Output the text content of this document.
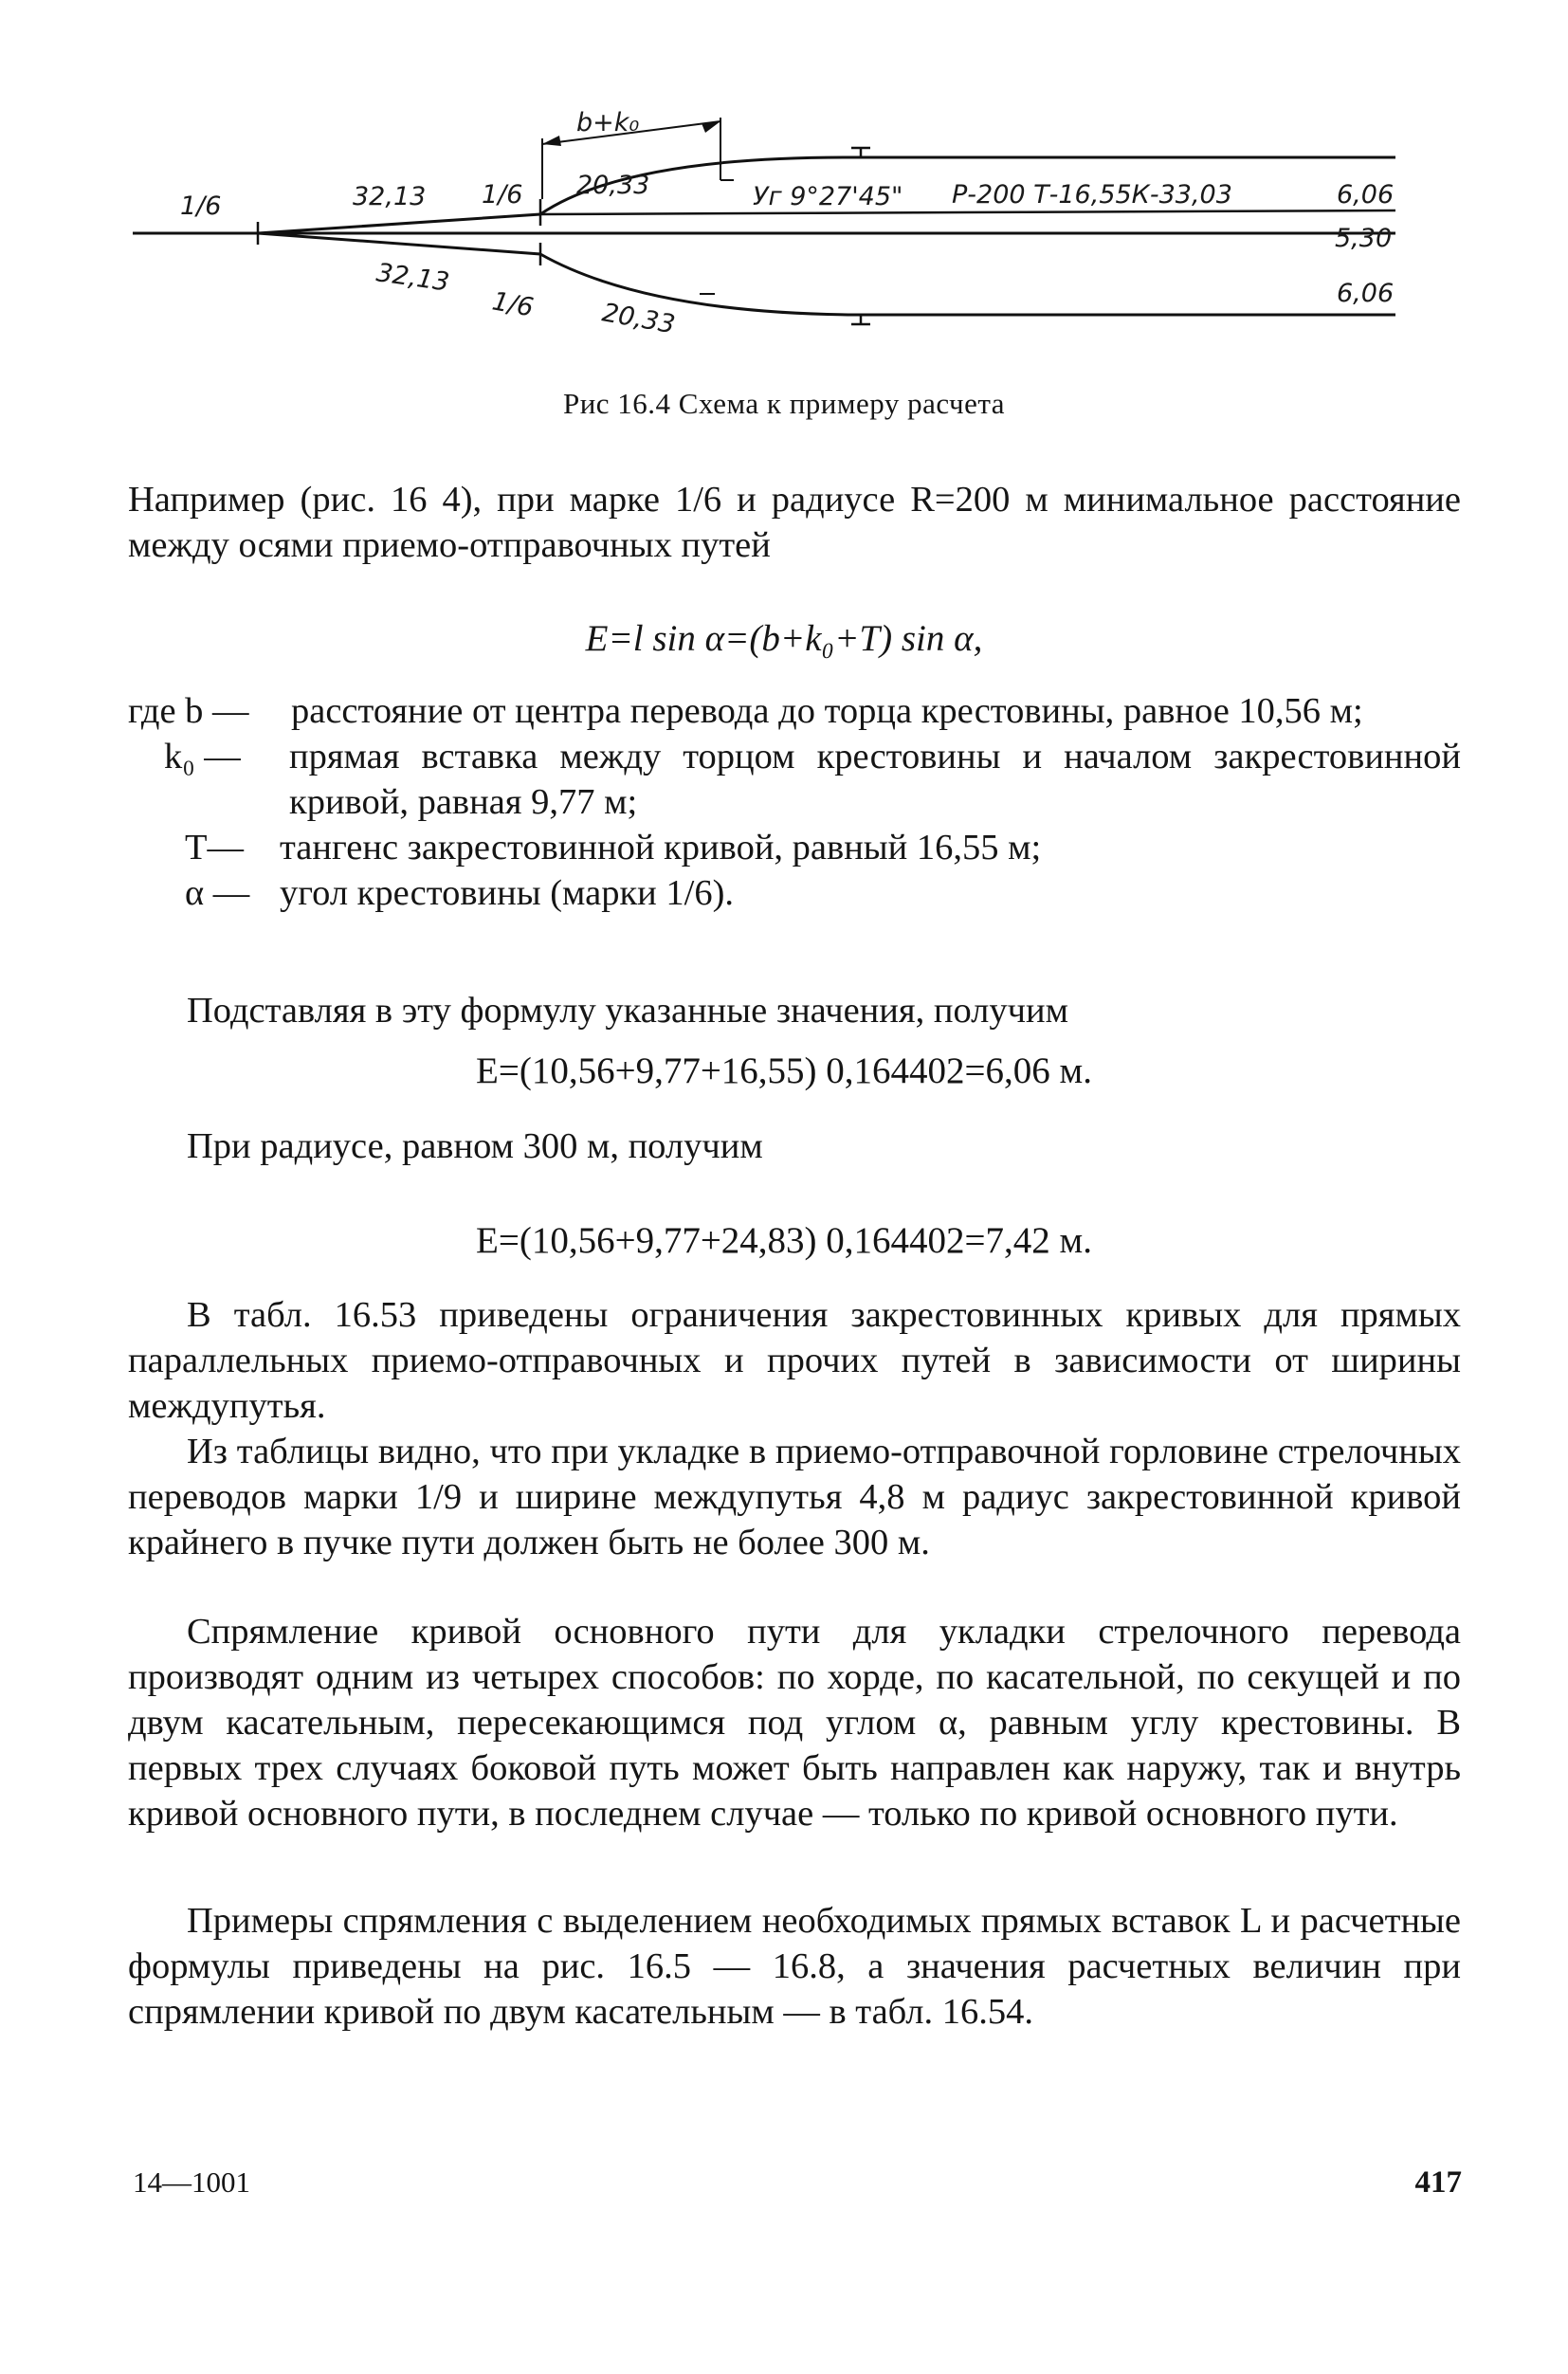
b+k₀
1/6	32,13 1/6 20,33	Уг 9°27'45" Р-200 Т-16,55К-33,03	6,06
5,30
32,13
1/6	20,33
6,06
Рис 16.4 Схема к примеру расчета
Например (рис. 16 4), при марке 1/6 и радиусе R=200 м минимальное расстояние между осями приемо-отправочных путей
E=l sin α=(b+k₀+T) sin α,
где b —	расстояние от центра перевода до торца крестовины, равное 10,56 м;
k₀ —	прямая вставка между торцом крестовины и началом закрестовинной кривой, равная 9,77 м;
T— тангенс закрестовинной кривой, равный 16,55 м;
α — угол крестовины (марки 1/6).
Подставляя в эту формулу указанные значения, получим
E=(10,56+9,77+16,55) 0,164402=6,06 м.
При радиусе, равном 300 м, получим
E=(10,56+9,77+24,83) 0,164402=7,42 м.
В табл. 16.53 приведены ограничения закрестовинных кривых для прямых параллельных приемо-отправочных и прочих путей в зависимости от ширины междупутья.
Из таблицы видно, что при укладке в приемо-отправочной горловине стрелочных переводов марки 1/9 и ширине междупутья 4,8 м радиус закрестовинной кривой крайнего в пучке пути должен быть не более 300 м.
Спрямление кривой основного пути для укладки стрелочного перевода производят одним из четырех способов: по хорде, по касательной, по секущей и по двум касательным, пересекающимся под углом α, равным углу крестовины. В первых трех случаях боковой путь может быть направлен как наружу, так и внутрь кривой основного пути, в последнем случае — только по кривой основного пути.
Примеры спрямления с выделением необходимых прямых вставок L и расчетные формулы приведены на рис. 16.5 — 16.8, а значения расчетных величин при спрямлении кривой по двум касательным — в табл. 16.54.
14—1001	417
